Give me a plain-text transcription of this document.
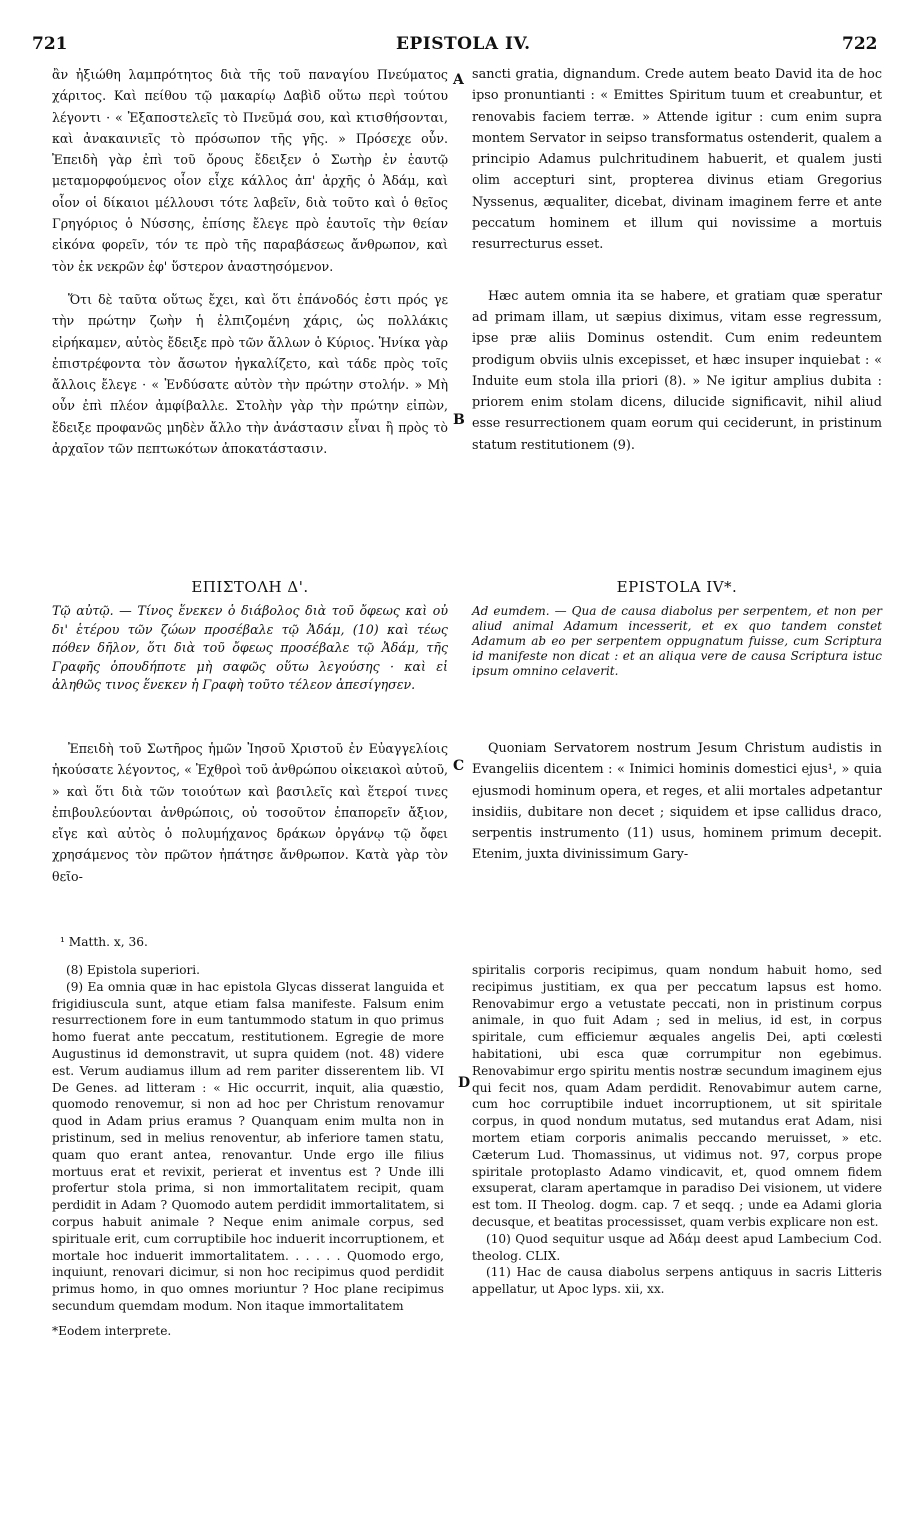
721	EPISTOLA IV.	722
A
B
C
D

ἂν ἠξιώθη λαμπρότητος διὰ τῆς τοῦ παναγίου Πνεύματος χάριτος. Καὶ πείθου τῷ μακαρίῳ Δαβὶδ οὕτω περὶ τούτου λέγοντι · « Ἐξαποστελεῖς τὸ Πνεῦμά σου, καὶ κτισθήσονται, καὶ ἀνακαινιεῖς τὸ πρόσωπον τῆς γῆς. » Πρόσεχε οὖν. Ἐπειδὴ γὰρ ἐπὶ τοῦ ὄρους ἔδειξεν ὁ Σωτὴρ ἐν ἑαυτῷ μεταμορφούμενος οἷον εἶχε κάλλος ἀπ' ἀρχῆς ὁ Ἀδάμ, καὶ οἷον οἱ δίκαιοι μέλλουσι τότε λαβεῖν, διὰ τοῦτο καὶ ὁ θεῖος Γρηγόριος ὁ Νύσσης, ἐπίσης ἔλεγε πρὸ ἑαυτοῖς τὴν θείαν εἰκόνα φορεῖν, τόν τε πρὸ τῆς παραβάσεως ἄνθρωπον, καὶ τὸν ἐκ νεκρῶν ἐφ' ὕστερον ἀναστησόμενον.

Ὅτι δὲ ταῦτα οὕτως ἔχει, καὶ ὅτι ἐπάνοδός ἐστι πρός γε τὴν πρώτην ζωὴν ἡ ἐλπιζομένη χάρις, ὡς πολλάκις εἰρήκαμεν, αὐτὸς ἔδειξε πρὸ τῶν ἄλλων ὁ Κύριος. Ἡνίκα γὰρ ἐπιστρέφοντα τὸν ἄσωτον ἠγκαλίζετο, καὶ τάδε πρὸς τοῖς ἄλλοις ἔλεγε · « Ἐνδύσατε αὐτὸν τὴν πρώτην στολήν. » Μὴ οὖν ἐπὶ πλέον ἀμφίβαλλε. Στολὴν γὰρ τὴν πρώτην εἰπὼν, ἔδειξε προφανῶς μηδὲν ἄλλο τὴν ἀνάστασιν εἶναι ἢ πρὸς τὸ ἀρχαῖον τῶν πεπτωκότων ἀποκατάστασιν.

ΕΠΙΣΤΟΛΗ Δ'.

Τῷ αὐτῷ. — Τίνος ἕνεκεν ὁ διάβολος διὰ τοῦ ὄφεως καὶ οὐ δι' ἑτέρου τῶν ζώων προσέβαλε τῷ Ἀδάμ, (10) καὶ τέως πόθεν δῆλον, ὅτι διὰ τοῦ ὄφεως προσέβαλε τῷ Ἀδάμ, τῆς Γραφῆς ὁπουδήποτε μὴ σαφῶς οὕτω λεγούσης · καὶ εἰ ἀληθῶς τινος ἕνεκεν ἡ Γραφὴ τοῦτο τέλεον ἀπεσίγησεν.

Ἐπειδὴ τοῦ Σωτῆρος ἡμῶν Ἰησοῦ Χριστοῦ ἐν Εὐαγγελίοις ἠκούσατε λέγοντος, « Ἐχθροὶ τοῦ ἀνθρώπου οἰκειακοὶ αὐτοῦ, » καὶ ὅτι διὰ τῶν τοιούτων καὶ βασιλεῖς καὶ ἕτεροί τινες ἐπιβουλεύονται ἀνθρώποις, οὐ τοσοῦτον ἐπαπορεῖν ἄξιον, εἴγε καὶ αὐτὸς ὁ πολυμήχανος δράκων ὀργάνῳ τῷ ὄφει χρησάμενος τὸν πρῶτον ἠπάτησε ἄνθρωπον. Κατὰ γὰρ τὸν θεῖο-

sancti gratia, dignandum. Crede autem beato David ita de hoc ipso pronuntianti : « Emittes Spiritum tuum et creabuntur, et renovabis faciem terræ. » Attende igitur : cum enim supra montem Servator in seipso transformatus ostenderit, qualem a principio Adamus pulchritudinem habuerit, et qualem justi olim accepturi sint, propterea divinus etiam Gregorius Nyssenus, æqualiter, dicebat, divinam imaginem ferre et ante peccatum hominem et illum qui novissime a mortuis resurrecturus esset.

Hæc autem omnia ita se habere, et gratiam quæ speratur ad primam illam, ut sæpius diximus, vitam esse regressum, ipse præ aliis Dominus ostendit. Cum enim redeuntem prodigum obviis ulnis excepisset, et hæc insuper inquiebat : « Induite eum stola illa priori (8). » Ne igitur amplius dubita : priorem enim stolam dicens, dilucide significavit, nihil aliud esse resurrectionem quam eorum qui ceciderunt, in pristinum statum restitutionem (9).

EPISTOLA IV*.

Ad eumdem. — Qua de causa diabolus per serpentem, et non per aliud animal Adamum incesserit, et ex quo tandem constet Adamum ab eo per serpentem oppugnatum fuisse, cum Scriptura id manifeste non dicat : et an aliqua vere de causa Scriptura istuc ipsum omnino celaverit.

Quoniam Servatorem nostrum Jesum Christum audistis in Evangeliis dicentem : « Inimici hominis domestici ejus¹, » quia ejusmodi hominum opera, et reges, et alii mortales adpetantur insidiis, dubitare non decet ; siquidem et ipse callidus draco, serpentis instrumento (11) usus, hominem primum decepit. Etenim, juxta divinissimum Gary-

¹ Matth. x, 36.

(8) Epistola superiori.

(9) Ea omnia quæ in hac epistola Glycas disserat languida et frigidiuscula sunt, atque etiam falsa manifeste. Falsum enim resurrectionem fore in eum tantummodo statum in quo primus homo fuerat ante peccatum, restitutionem. Egregie de more Augustinus id demonstravit, ut supra quidem (not. 48) videre est. Verum audiamus illum ad rem pariter disserentem lib. VI De Genes. ad litteram : « Hic occurrit, inquit, alia quæstio, quomodo renovemur, si non ad hoc per Christum renovamur quod in Adam prius eramus ? Quanquam enim multa non in pristinum, sed in melius renoventur, ab inferiore tamen statu, quam quo erant antea, renovantur. Unde ergo ille filius mortuus erat et revixit, perierat et inventus est ? Unde illi profertur stola prima, si non immortalitatem recipit, quam perdidit in Adam ? Quomodo autem perdidit immortalitatem, si corpus habuit animale ? Neque enim animale corpus, sed spirituale erit, cum corruptibile hoc induerit incorruptionem, et mortale hoc induerit immortalitatem. . . . . . Quomodo ergo, inquiunt, renovari dicimur, si non hoc recipimus quod perdidit primus homo, in quo omnes moriuntur ? Hoc plane recipimus secundum quemdam modum. Non itaque immortalitatem

*Eodem interprete.

spiritalis corporis recipimus, quam nondum habuit homo, sed recipimus justitiam, ex qua per peccatum lapsus est homo. Renovabimur ergo a vetustate peccati, non in pristinum corpus animale, in quo fuit Adam ; sed in melius, id est, in corpus spiritale, cum efficiemur æquales angelis Dei, apti cœlesti habitationi, ubi esca quæ corrumpitur non egebimus. Renovabimur ergo spiritu mentis nostræ secundum imaginem ejus qui fecit nos, quam Adam perdidit. Renovabimur autem carne, cum hoc corruptibile induet incorruptionem, ut sit spiritale corpus, in quod nondum mutatus, sed mutandus erat Adam, nisi mortem etiam corporis animalis peccando meruisset, » etc. Cæterum Lud. Thomassinus, ut vidimus not. 97, corpus prope spiritale protoplasto Adamo vindicavit, et, quod omnem fidem exsuperat, claram apertamque in paradiso Dei visionem, ut videre est tom. II Theolog. dogm. cap. 7 et seqq. ; unde ea Adami gloria decusque, et beatitas processisset, quam verbis explicare non est.

(10) Quod sequitur usque ad Ἀδάμ deest apud Lambecium Cod. theolog. CLIX.

(11) Hac de causa diabolus serpens antiquus in sacris Litteris appellatur, ut Apoc lyps. xii, xx.
